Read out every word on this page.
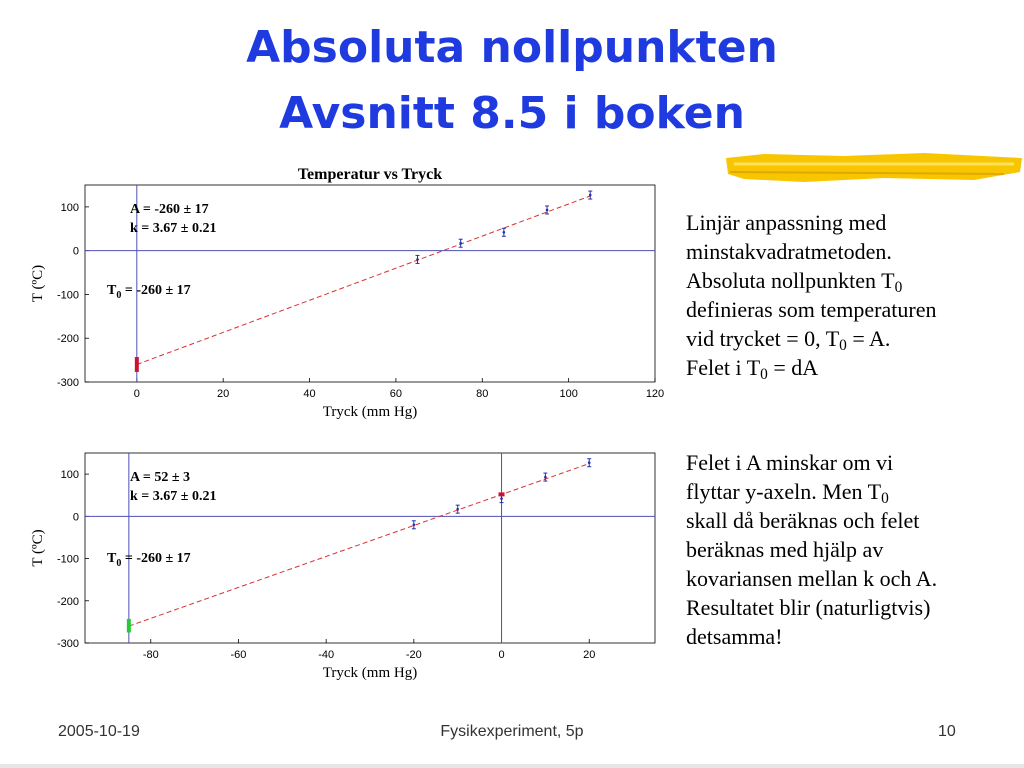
Absoluta nollpunkten
Avsnitt 8.5 i boken
Temperatur vs Tryck
100
0
-100
-200
-300
0	20	40	60	80	100	120
Tryck (mm Hg)
T (ºC)
A = -260 ± 17
k = 3.67 ± 0.21
$T_0 = -260 \pm 17$
100
0
-100
-200
-300
-80	-60	-40	-20	0	20
Tryck (mm Hg)
T (ºC)
A = 52 ± 3
k = 3.67 ± 0.21
$T_0 = -260 \pm 17$

Linjär anpassning med

minstakvadratmetoden.

Absoluta nollpunkten $T_0$

definieras som temperaturen

vid trycket = 0, $T_0 = A$.

Felet i $T_0$ = dA

Felet i A minskar om vi

flyttar y-axeln. Men $T_0$

skall då beräknas och felet

beräknas med hjälp av

kovariansen mellan k och A.

Resultatet blir (naturligtvis)

detsamma!

2005-10-19	Fysikexperiment, 5p	10
